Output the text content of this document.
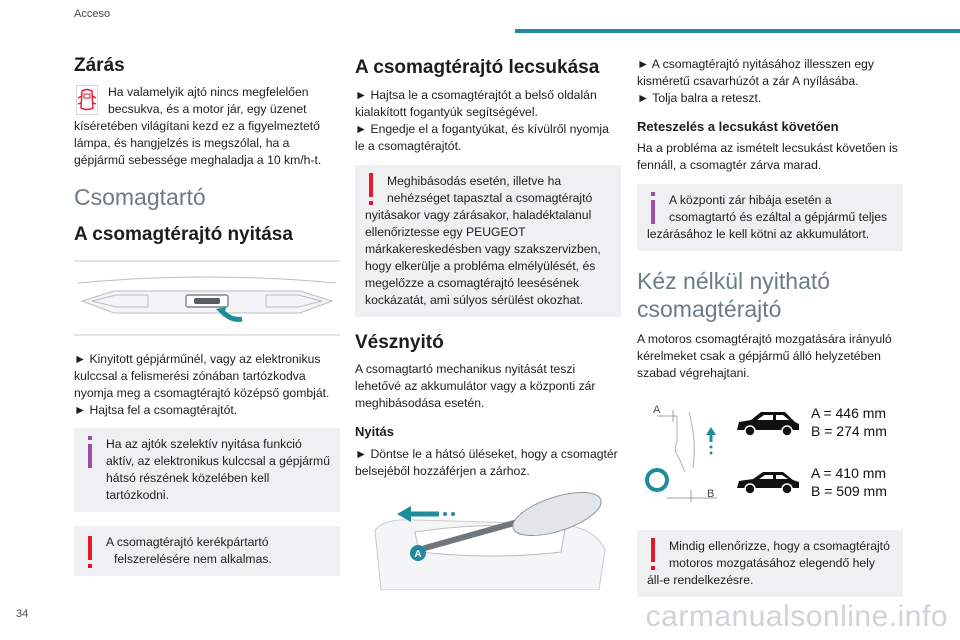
Acceso
Zárás

Ha valamelyik ajtó nincs megfelelően

becsukva, és a motor jár, egy üzenet

kíséretében világítani kezd ez a figyelmeztető lámpa, és hangjelzés is megszólal, ha a gépjármű sebessége meghaladja a 10 km/h-t.

Csomagtartó
A csomagtérajtó nyitása

► Kinyitott gépjárműnél, vagy az elektronikus kulccsal a felismerési zónában tartózkodva nyomja meg a csomagtérajtó középső gombját.

► Hajtsa fel a csomagtérajtót.

Ha az ajtók szelektív nyitása funkció
aktív, az elektronikus kulccsal a gépjármű hátsó részének közelében kell tartózkodni.
A csomagtérajtó kerékpártartó
felszerelésére nem alkalmas.
A csomagtérajtó lecsukása

► Hajtsa le a csomagtérajtót a belső oldalán kialakított fogantyúk segítségével.

► Engedje el a fogantyúkat, és kívülről nyomja le a csomagtérajtót.

Meghibásodás esetén, illetve ha
nehézséget tapasztal a csomagtérajtó
nyitásakor vagy zárásakor, haladéktalanul ellenőriztesse egy PEUGEOT márkakereskedésben vagy szakszervizben, hogy elkerülje a probléma elmélyülését, és megelőzze a csomagtérajtó leesésének kockázatát, ami súlyos sérülést okozhat.
Vésznyitó

A csomagtartó mechanikus nyitását teszi lehetővé az akkumulátor vagy a központi zár meghibásodása esetén.

Nyitás

► Döntse le a hátsó üléseket, hogy a csomagtér belsejéből hozzáférjen a zárhoz.

A

► A csomagtérajtó nyitásához illesszen egy kisméretű csavarhúzót a zár A nyílásába.

► Tolja balra a reteszt.

Reteszelés a lecsukást követően

Ha a probléma az ismételt lecsukást követően is fennáll, a csomagtér zárva marad.

A központi zár hibája esetén a
csomagtartó és ezáltal a gépjármű teljes
lezárásához le kell kötni az akkumulátort.
Kéz nélkül nyitható csomagtérajtó

A motoros csomagtérajtó mozgatására irányuló kérelmeket csak a gépjármű álló helyzetében szabad végrehajtani.

A
B
A = 446 mm
B = 274 mm
A = 410 mm
B = 509 mm
Mindig ellenőrizze, hogy a csomagtérajtó
motoros mozgatásához elegendő hely
áll-e rendelkezésre.
34	carmanualsonline.info
